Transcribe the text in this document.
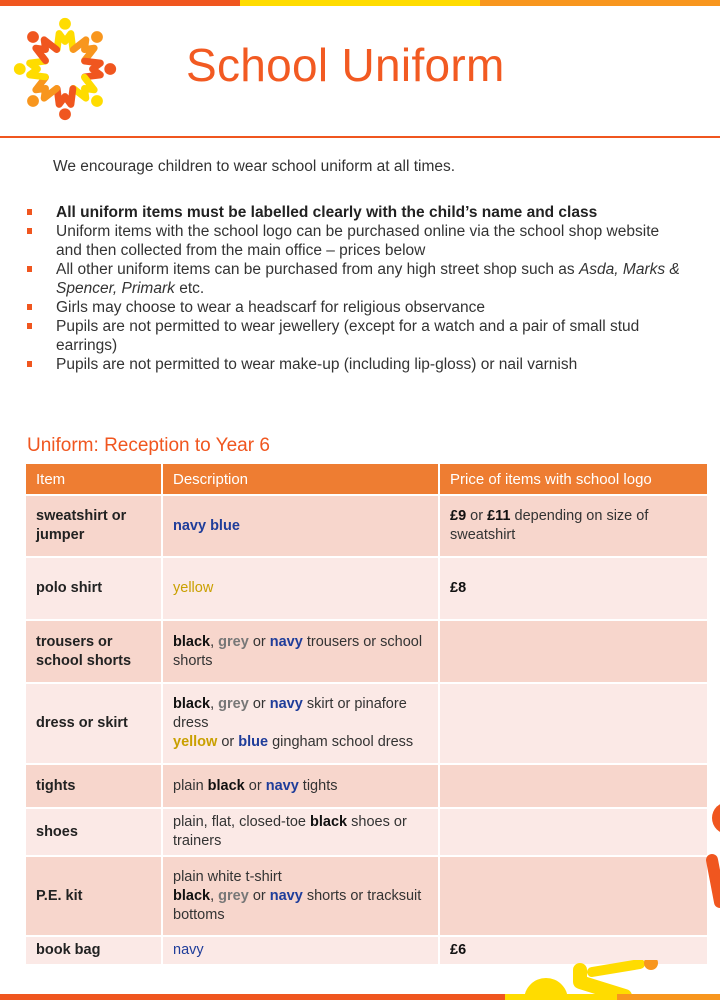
School Uniform
We encourage children to wear school uniform at all times.
All uniform items must be labelled clearly with the child’s name and class
Uniform items with the school logo can be purchased online via the school shop website and then collected from the main office – prices below
All other uniform items can be purchased from any high street shop such as Asda, Marks & Spencer, Primark etc.
Girls may choose to wear a headscarf for religious observance
Pupils are not permitted to wear jewellery (except for a watch and a pair of small stud earrings)
Pupils are not permitted to wear make-up (including lip-gloss) or nail varnish
Uniform: Reception to Year 6
Item	Description	Price of items with school logo
sweatshirt or jumper	navy blue	£9 or £11 depending on size of sweatshirt
polo shirt	yellow	£8
trousers or school shorts	black, grey or navy trousers or school shorts	
dress or skirt	black, grey or navy skirt or pinafore dress
yellow or blue gingham school dress	
tights	plain black or navy tights	
shoes	plain, flat, closed-toe black shoes or trainers	
P.E. kit	plain white t-shirt
black, grey or navy shorts or tracksuit bottoms	
book bag	navy	£6
